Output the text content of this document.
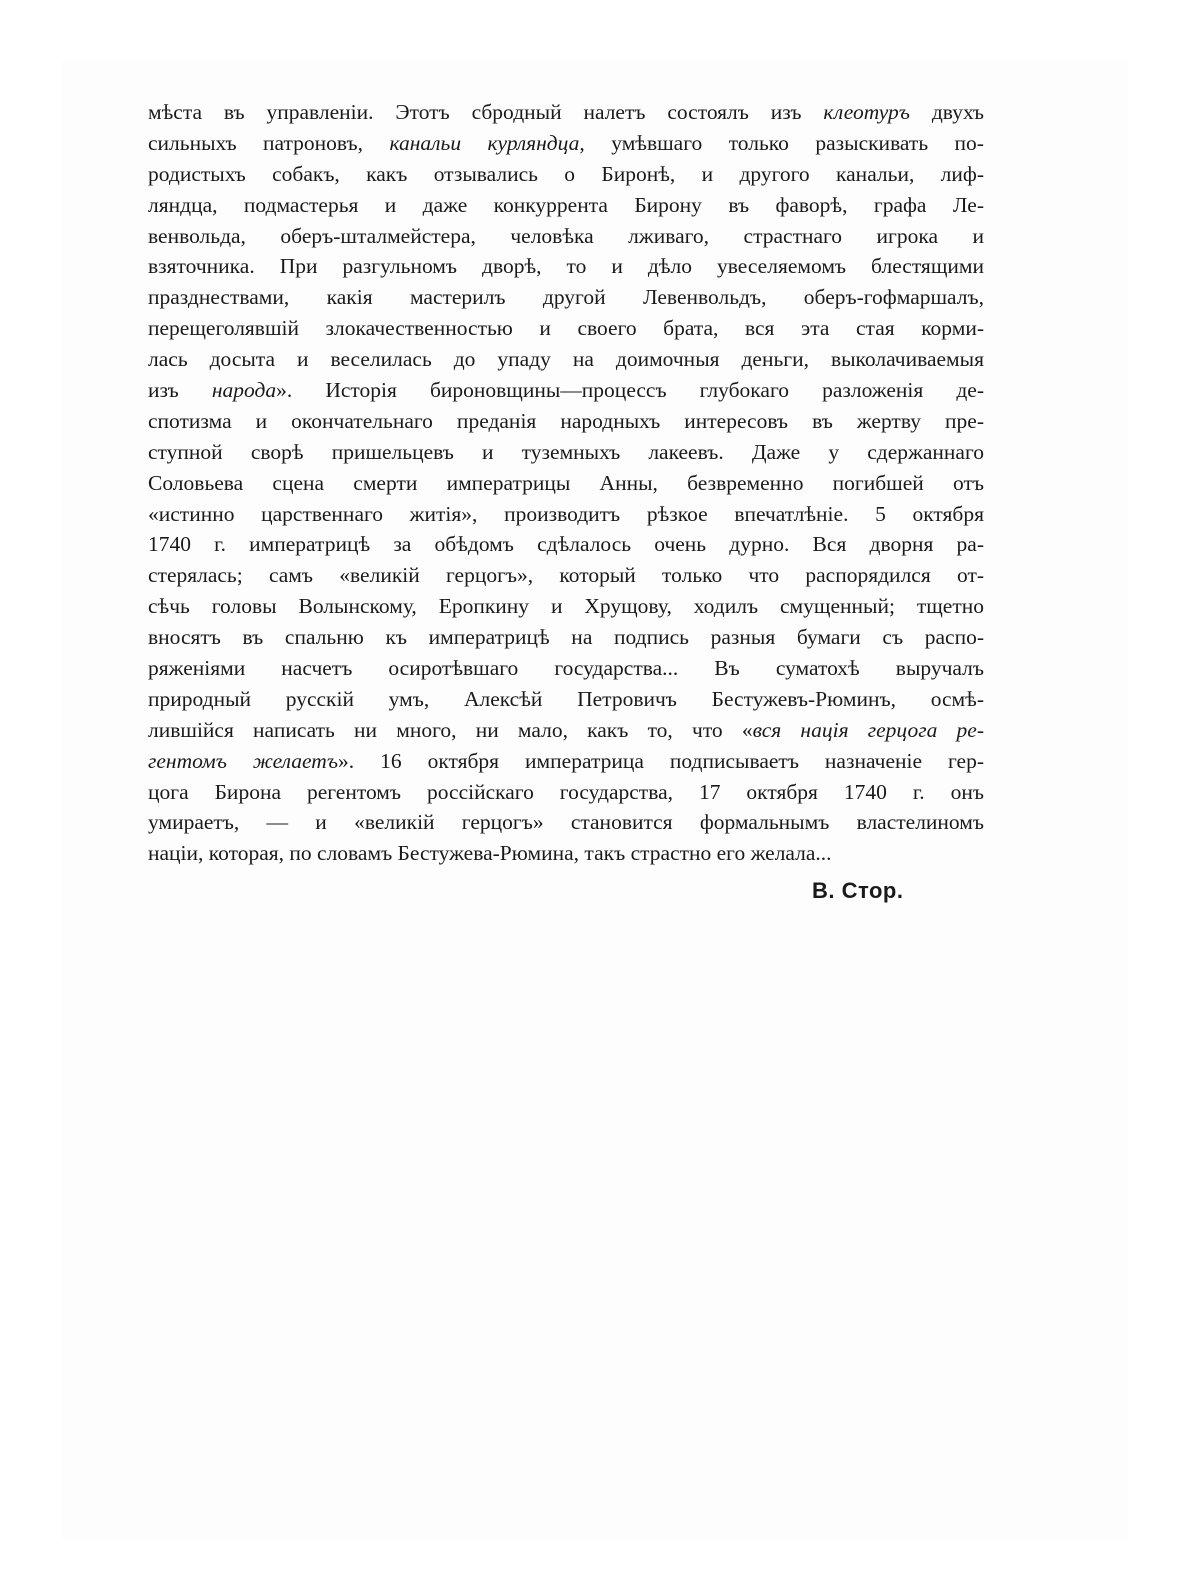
мѣста въ управленіи. Этотъ сбродный налетъ состоялъ изъ клеотуръ двухъ
сильныхъ патроновъ, канальи курляндца, умѣвшаго только разыскивать по-
родистыхъ собакъ, какъ отзывались о Биронѣ, и другого канальи, лиф-
ляндца, подмастерья и даже конкуррента Бирону въ фаворѣ, графа Ле-
венвольда, оберъ-шталмейстера, человѣка лживаго, страстнаго игрока и
взяточника. При разгульномъ дворѣ, то и дѣло увеселяемомъ блестящими
празднествами, какія мастерилъ другой Левенвольдъ, оберъ-гофмаршалъ,
перещеголявшій злокачественностью и своего брата, вся эта стая корми-
лась досыта и веселилась до упаду на доимочныя деньги, выколачиваемыя
изъ народа». Исторія бироновщины—процессъ глубокаго разложенія де-
спотизма и окончательнаго преданія народныхъ интересовъ въ жертву пре-
ступной сворѣ пришельцевъ и туземныхъ лакеевъ. Даже у сдержаннаго
Соловьева сцена смерти императрицы Анны, безвременно погибшей отъ
«истинно царственнаго житія», производитъ рѣзкое впечатлѣніе. 5 октября
1740 г. императрицѣ за обѣдомъ сдѣлалось очень дурно. Вся дворня ра-
стерялась; самъ «великій герцогъ», который только что распорядился от-
сѣчь головы Волынскому, Еропкину и Хрущову, ходилъ смущенный; тщетно
вносятъ въ спальню къ императрицѣ на подпись разныя бумаги съ распо-
ряженіями насчетъ осиротѣвшаго государства... Въ суматохѣ выручалъ
природный русскій умъ, Алексѣй Петровичъ Бестужевъ-Рюминъ, осмѣ-
лившійся написать ни много, ни мало, какъ то, что «вся нація герцога ре-
гентомъ желаетъ». 16 октября императрица подписываетъ назначеніе гер-
цога Бирона регентомъ россійскаго государства, 17 октября 1740 г. онъ
умираетъ, — и «великій герцогъ» становится формальнымъ властелиномъ
націи, которая, по словамъ Бестужева-Рюмина, такъ страстно его желала...
В. Стор.
